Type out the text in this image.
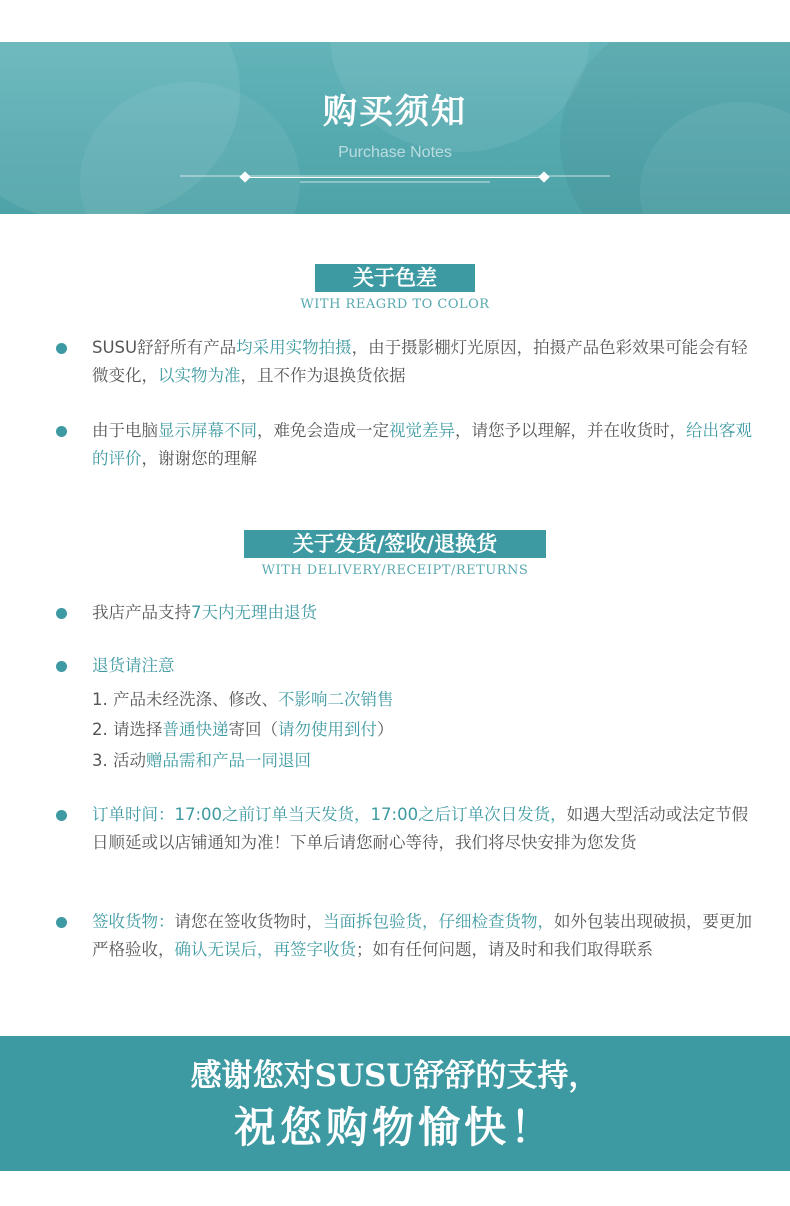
购买须知
Purchase Notes
关于色差
WITH REAGRD TO COLOR
SUSU舒舒所有产品均采用实物拍摄，由于摄影棚灯光原因，拍摄产品色彩效果可能会有轻微变化，以实物为准，且不作为退换货依据
由于电脑显示屏幕不同，难免会造成一定视觉差异，请您予以理解，并在收货时，给出客观的评价，谢谢您的理解
关于发货/签收/退换货
WITH DELIVERY/RECEIPT/RETURNS
我店产品支持7天内无理由退货
退货请注意
1. 产品未经洗涤、修改、不影响二次销售
2. 请选择普通快递寄回（请勿使用到付）
3. 活动赠品需和产品一同退回
订单时间：17:00之前订单当天发货，17:00之后订单次日发货，如遇大型活动或法定节假日顺延或以店铺通知为准！下单后请您耐心等待，我们将尽快安排为您发货
签收货物：请您在签收货物时，当面拆包验货，仔细检查货物，如外包装出现破损，要更加严格验收，确认无误后，再签字收货；如有任何问题，请及时和我们取得联系
感谢您对SUSU舒舒的支持，
祝您购物愉快！
